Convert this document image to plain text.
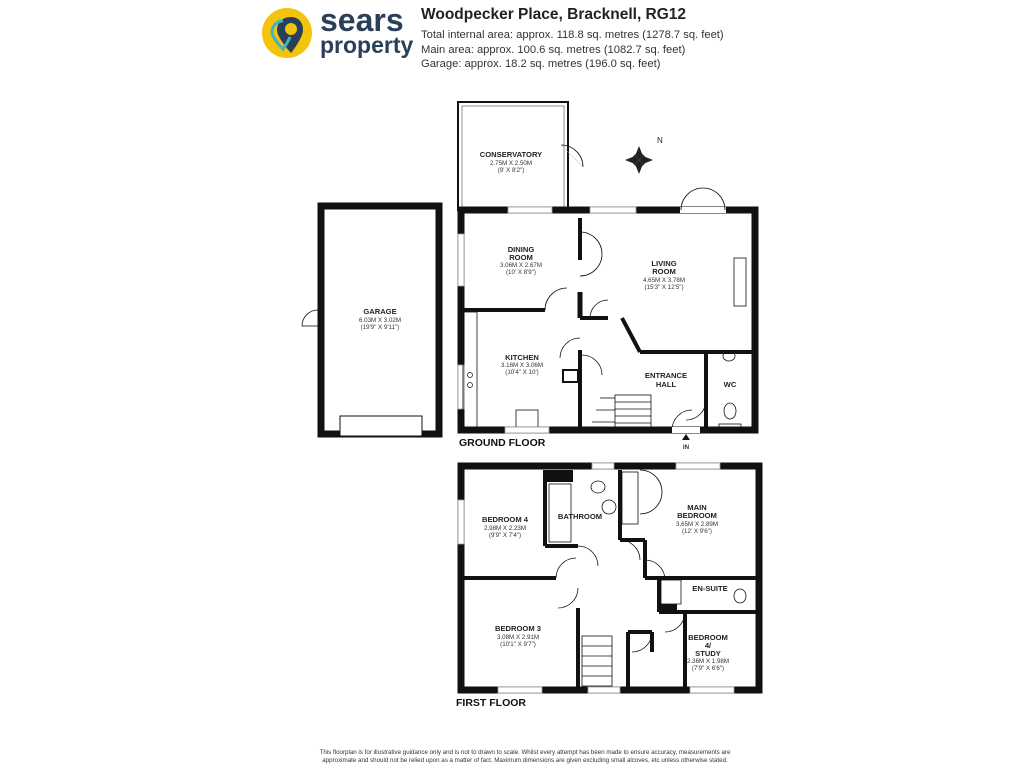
sears
property
Woodpecker Place, Bracknell, RG12
Total internal area: approx. 118.8 sq. metres (1278.7 sq. feet)
Main area: approx. 100.6 sq. metres (1082.7 sq. feet)
Garage: approx. 18.2 sq. metres (196.0 sq. feet)
N
CONSERVATORY
2.75M X 2.50M
(9' X 8'2")
DINING
ROOM
3.06M X 2.67M
(10' X 8'9")
LIVING
ROOM
4.65M X 3.78M
(15'3" X 12'5")
GARAGE
6.03M X 3.02M
(19'9" X 9'11")
KITCHEN
3.16M X 3.06M
(10'4" X 10')	ENTRANCE
HALL	WC
IN
GROUND FLOOR
BEDROOM 4
2.98M X 2.23M
(9'9" X 7'4")
BATHROOM
MAIN
BEDROOM
3.65M X 2.89M
(12' X 9'6")
EN-SUITE
BEDROOM 3
3.08M X 2.91M
(10'1" X 9'7")
BEDROOM
4/
STUDY
2.36M X 1.98M
(7'9" X 6'6")
FIRST FLOOR
This floorplan is for illustrative guidance only and is not to drawn to scale. Whilst every attempt has been made to ensure accuracy, measurements are
approximate and should not be relied upon as a matter of fact. Maximum dimensions are given excluding small alcoves, etc unless otherwise stated.
